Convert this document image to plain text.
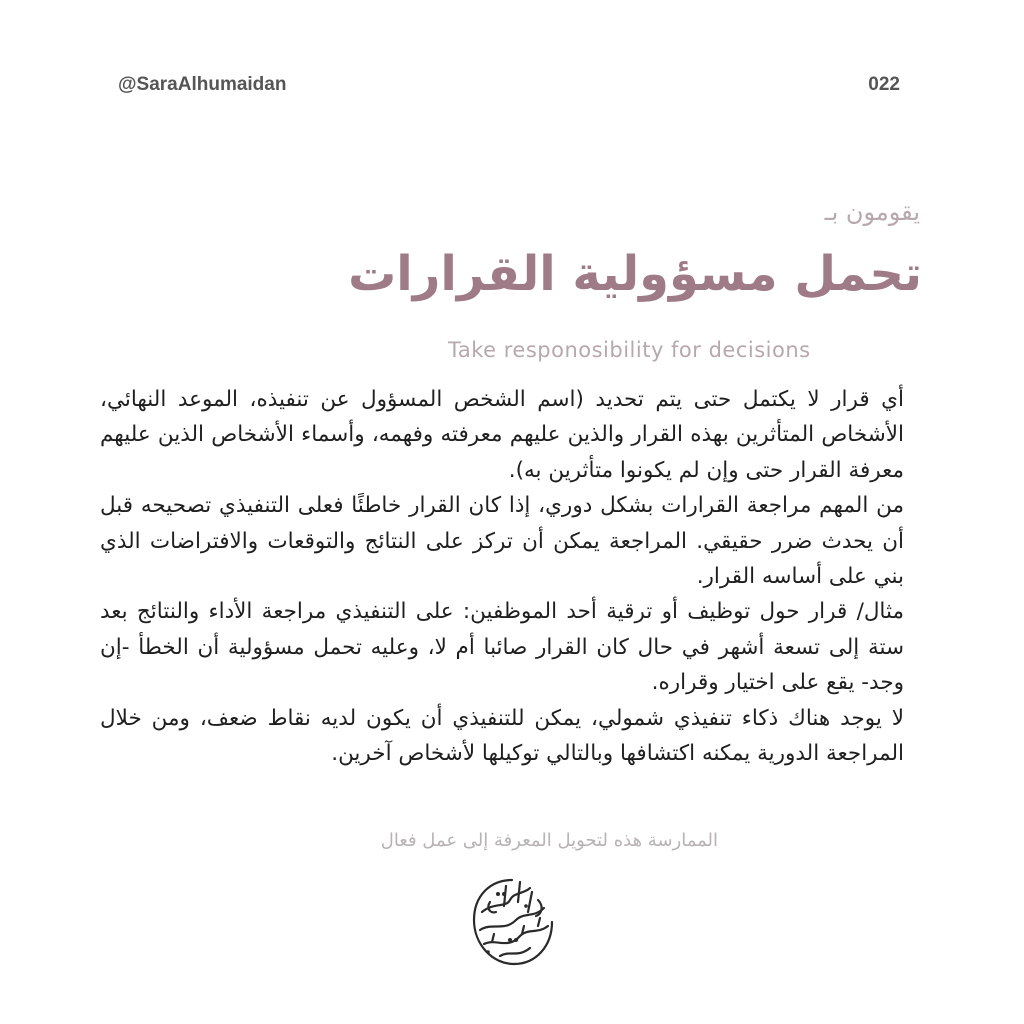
@SaraAlhumaidan	022
يقومون بـ
تحمل مسؤولية القرارات
Take responosibility for decisions

أي قرار لا يكتمل حتى يتم تحديد (اسم الشخص المسؤول عن تنفيذه، الموعد النهائي، الأشخاص المتأثرين بهذه القرار والذين عليهم معرفته وفهمه، وأسماء الأشخاص الذين عليهم معرفة القرار حتى وإن لم يكونوا متأثرين به).

من المهم مراجعة القرارات بشكل دوري، إذا كان القرار خاطئًا فعلى التنفيذي تصحيحه قبل أن يحدث ضرر حقيقي. المراجعة يمكن أن تركز على النتائج والتوقعات والافتراضات الذي بني على أساسه القرار.

مثال/ قرار حول توظيف أو ترقية أحد الموظفين: على التنفيذي مراجعة الأداء والنتائج بعد ستة إلى تسعة أشهر في حال كان القرار صائبا أم لا، وعليه تحمل مسؤولية أن الخطأ -إن وجد- يقع على اختيار وقراره.

لا يوجد هناك ذكاء تنفيذي شمولي، يمكن للتنفيذي أن يكون لديه نقاط ضعف، ومن خلال المراجعة الدورية يمكنه اكتشافها وبالتالي توكيلها لأشخاص آخرين.

الممارسة هذه لتحويل المعرفة إلى عمل فعال
